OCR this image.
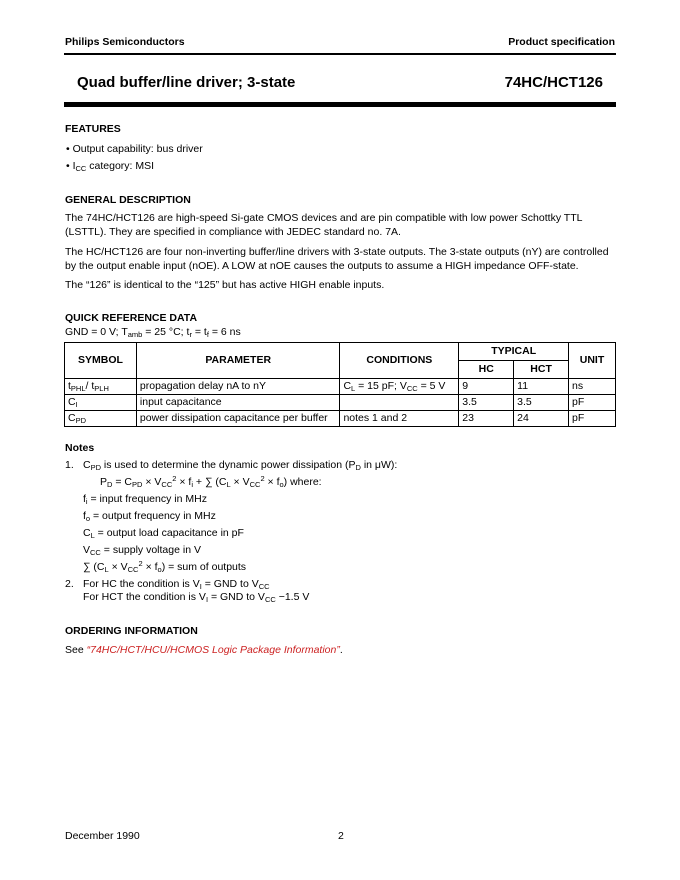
Philips Semiconductors	Product specification
Quad buffer/line driver; 3-state	74HC/HCT126
FEATURES
• Output capability: bus driver
• $I_{CC}$ category: MSI
GENERAL DESCRIPTION
The 74HC/HCT126 are high-speed Si-gate CMOS devices and are pin compatible with low power Schottky TTL (LSTTL). They are specified in compliance with JEDEC standard no. 7A.
The HC/HCT126 are four non-inverting buffer/line drivers with 3-state outputs. The 3-state outputs (nY) are controlled by the output enable input (nOE). A LOW at nOE causes the outputs to assume a HIGH impedance OFF-state.
The “126” is identical to the “125” but has active HIGH enable inputs.
QUICK REFERENCE DATA
GND = 0 V; $T_{amb} = 25$ °C; $t_r = t_f = 6$ ns
SYMBOL	PARAMETER	CONDITIONS	TYPICAL		UNIT
			HC	HCT	
$t_{PHL}/$ $t_{PLH}$	propagation delay nA to nY	$C_L = 15$ pF; $V_{CC} = 5$ V	9	11	ns
$C_I$	input capacitance		3.5	3.5	pF
$C_{PD}$	power dissipation capacitance per buffer	notes 1 and 2	23	24	pF
Notes
1. $C_{PD}$ is used to determine the dynamic power dissipation ($P_D$ in μW):
$P_D = C_{PD} \times V_{CC}^2 \times f_i$ + ∑ $(C_L \times V_{CC}^2 \times f_o)$ where:
$f_i$ = input frequency in MHz
$f_o$ = output frequency in MHz
$C_L$ = output load capacitance in pF
$V_{CC}$ = supply voltage in V
∑ $(C_L \times V_{CC}^2 \times f_o)$ = sum of outputs
2. For HC the condition is $V_I$ = GND to $V_{CC}$
For HCT the condition is $V_I$ = GND to $V_{CC} -1.5$ V
ORDERING INFORMATION
See “74HC/HCT/HCU/HCMOS Logic Package Information”.
December 1990	2
